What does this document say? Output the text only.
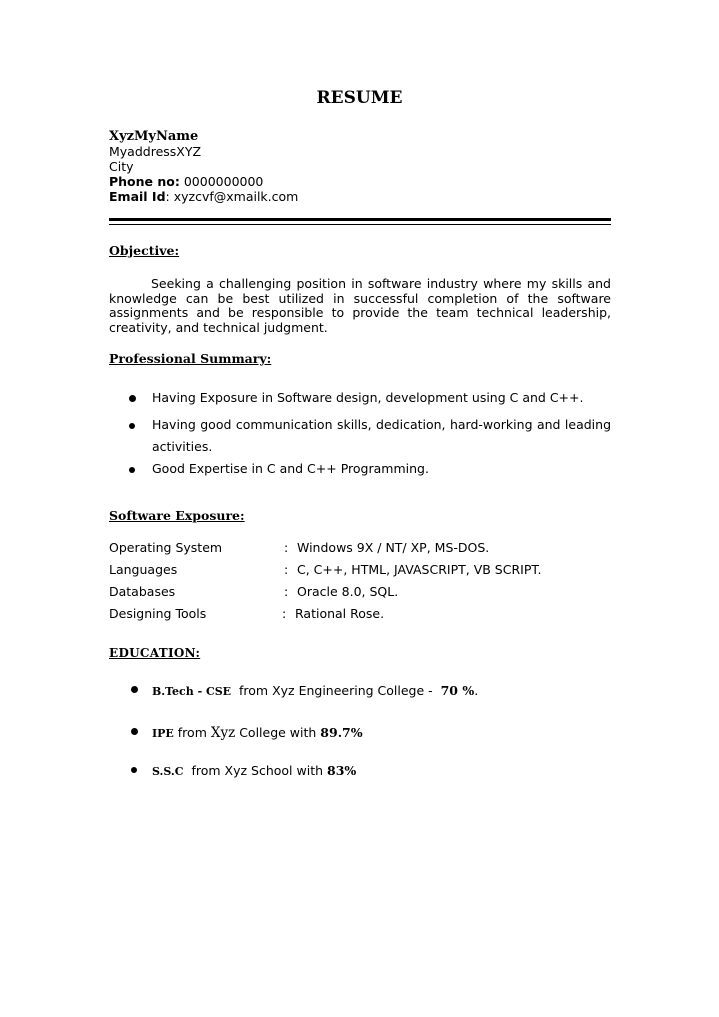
RESUME
XyzMyName
MyaddressXYZ
City
Phone no: 0000000000
Email Id: xyzcvf@xmailk.com
Objective:
Seeking a challenging position in software industry where my skills and knowledge can be best utilized in successful completion of the software assignments and be responsible to provide the team technical leadership, creativity, and technical judgment.
Professional Summary:
Having Exposure in Software design, development using C and C++.
Having good communication skills, dedication, hard-working and leading activities.
Good Expertise in C and C++ Programming.
Software Exposure:
Operating System	: Windows 9X / NT/ XP, MS-DOS.
Languages	: C, C++, HTML, JAVASCRIPT, VB SCRIPT.
Databases	: Oracle 8.0, SQL.
Designing Tools	: Rational Rose.
EDUCATION:
B.Tech - CSE  from Xyz Engineering College -  70 %.
IPE from Xyz College with 89.7%
S.S.C  from Xyz School with 83%
